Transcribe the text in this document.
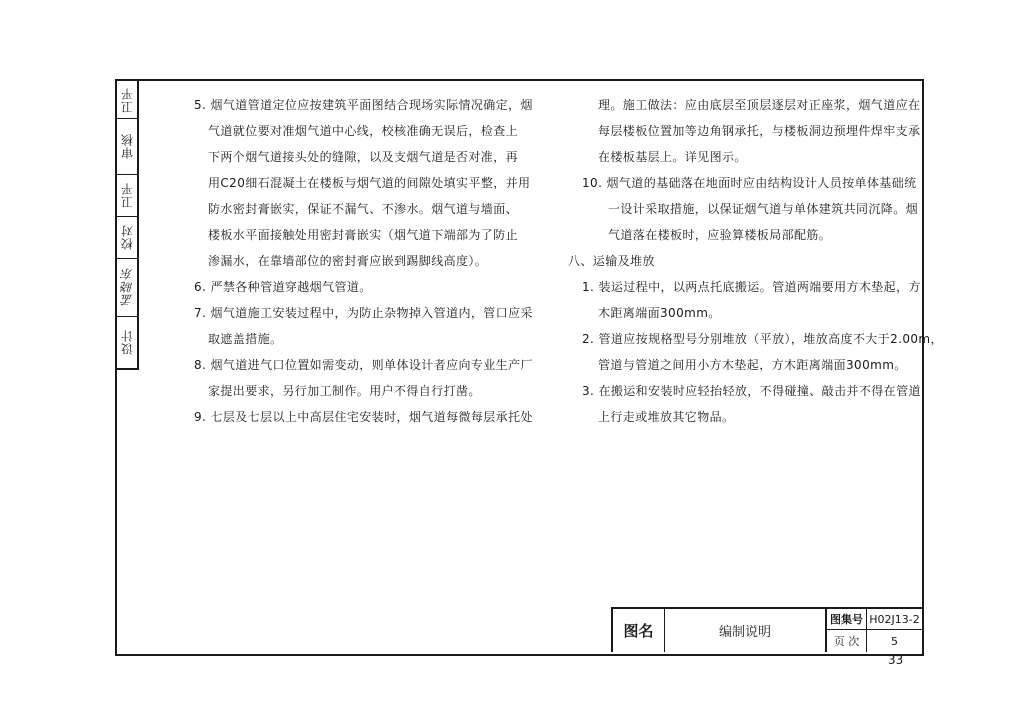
卫平
审核
卫平
校对
孟晓东
设计
5. 烟气道管道定位应按建筑平面图结合现场实际情况确定，烟
气道就位要对准烟气道中心线，校核准确无误后，检查上
下两个烟气道接头处的缝隙，以及支烟气道是否对准，再
用C20细石混凝土在楼板与烟气道的间隙处填实平整，并用
防水密封膏嵌实，保证不漏气、不渗水。烟气道与墙面、
楼板水平面接触处用密封膏嵌实（烟气道下端部为了防止
渗漏水，在靠墙部位的密封膏应嵌到踢脚线高度）。
6. 严禁各种管道穿越烟气管道。
7. 烟气道施工安装过程中，为防止杂物掉入管道内，管口应采
取遮盖措施。
8. 烟气道进气口位置如需变动，则单体设计者应向专业生产厂
家提出要求，另行加工制作。用户不得自行打凿。
9. 七层及七层以上中高层住宅安装时，烟气道每微每层承托处
理。施工做法：应由底层至顶层逐层对正座浆，烟气道应在
每层楼板位置加等边角钢承托，与楼板洞边预埋件焊牢支承
在楼板基层上。详见图示。
10. 烟气道的基础落在地面时应由结构设计人员按单体基础统
一设计采取措施，以保证烟气道与单体建筑共同沉降。烟
气道落在楼板时，应验算楼板局部配筋。
八、运输及堆放
1. 装运过程中，以两点托底搬运。管道两端要用方木垫起，方
木距离端面300mm。
2. 管道应按规格型号分别堆放（平放），堆放高度不大于2.00m，
管道与管道之间用小方木垫起，方木距离端面300mm。
3. 在搬运和安装时应轻抬轻放，不得碰撞、敲击并不得在管道
上行走或堆放其它物品。
图名	编制说明
图集号 H02J13-2
页 次	5
33
